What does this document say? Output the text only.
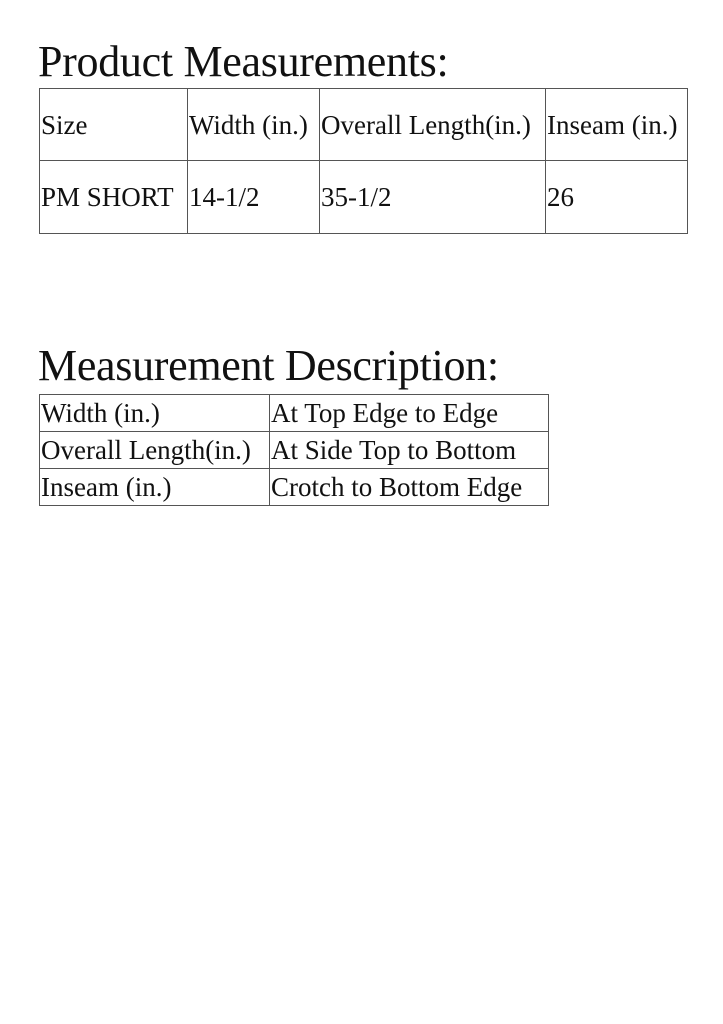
Product Measurements:
Size	Width (in.)	Overall Length(in.)	Inseam (in.)
PM SHORT	14-1/2	35-1/2	26
Measurement Description:
Width (in.)	At Top Edge to Edge
Overall Length(in.)	At Side Top to Bottom
Inseam (in.)	Crotch to Bottom Edge
